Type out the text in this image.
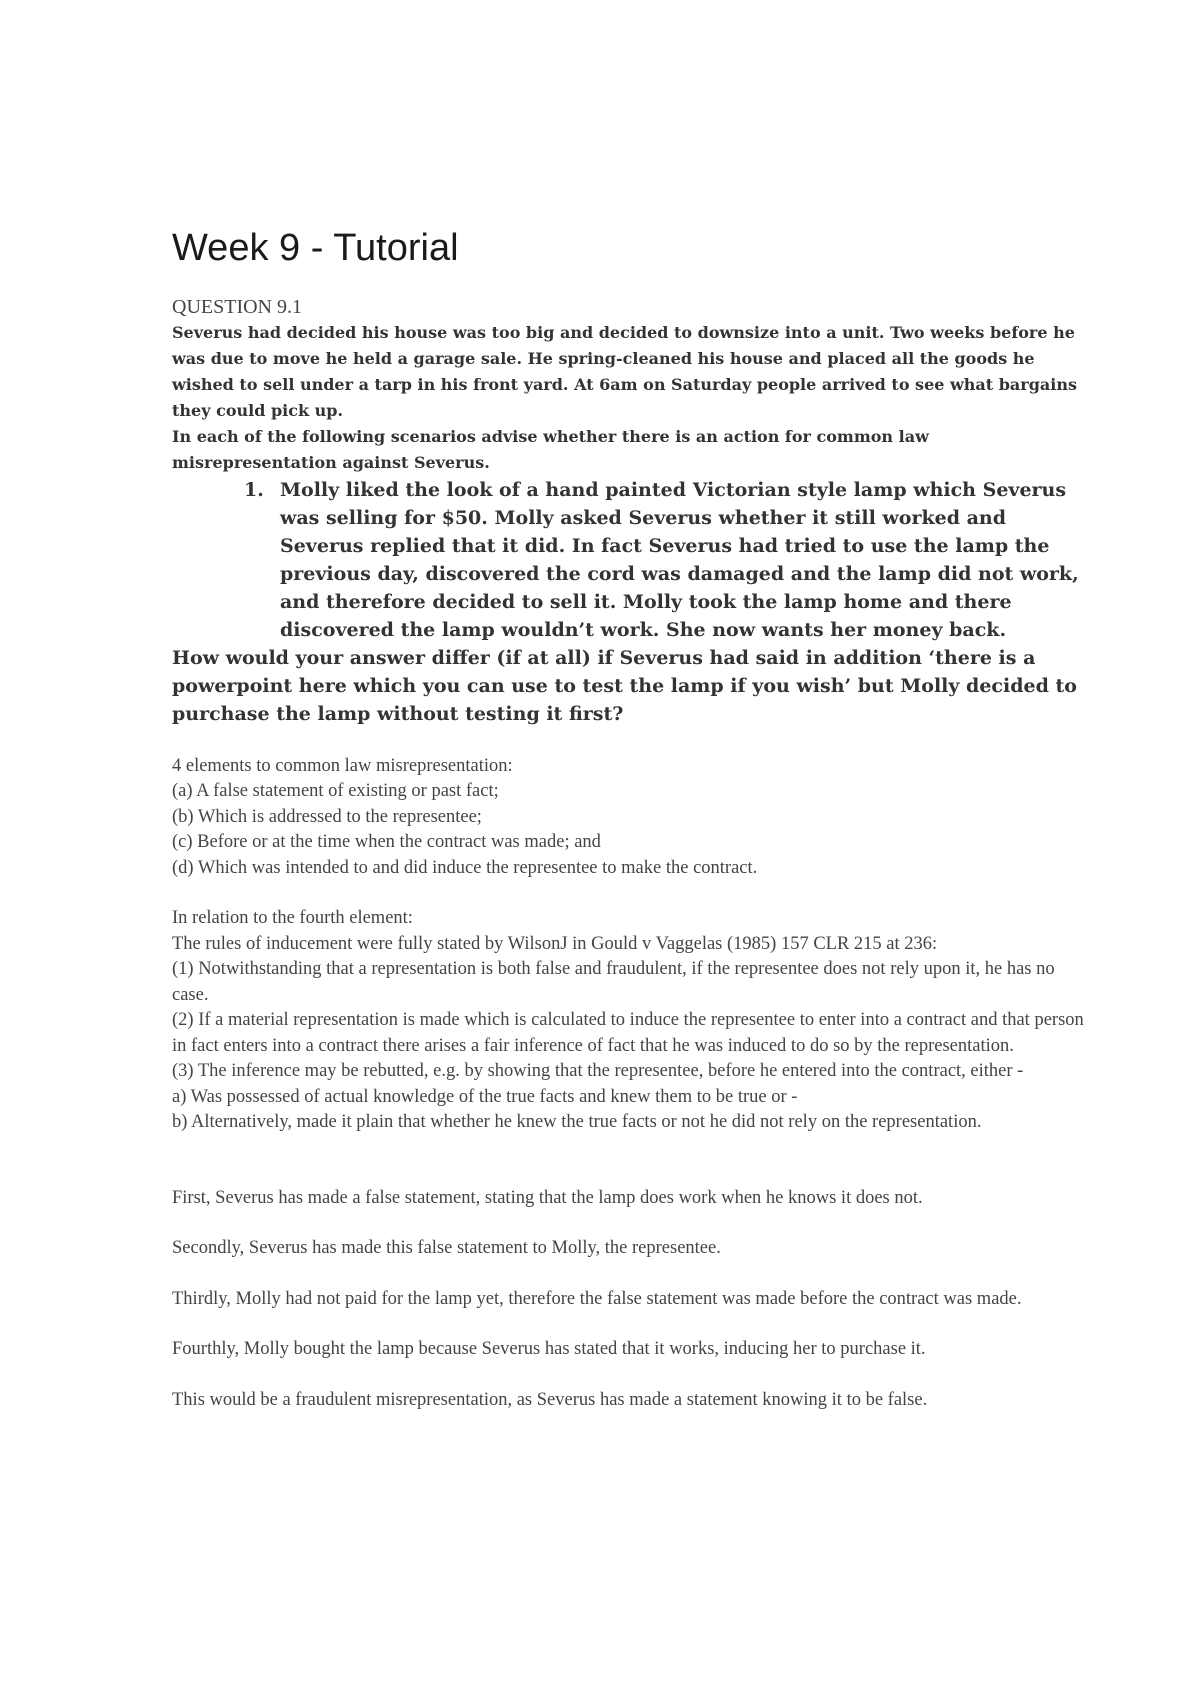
Week 9 - Tutorial

QUESTION 9.1

Severus had decided his house was too big and decided to downsize into a unit. Two weeks before he was due to move he held a garage sale. He spring-cleaned his house and placed all the goods he wished to sell under a tarp in his front yard. At 6am on Saturday people arrived to see what bargains they could pick up.

In each of the following scenarios advise whether there is an action for common law misrepresentation against Severus.

1. Molly liked the look of a hand painted Victorian style lamp which Severus was selling for $50. Molly asked Severus whether it still worked and Severus replied that it did. In fact Severus had tried to use the lamp the previous day, discovered the cord was damaged and the lamp did not work, and therefore decided to sell it. Molly took the lamp home and there discovered the lamp wouldn’t work. She now wants her money back.

How would your answer differ (if at all) if Severus had said in addition ‘there is a powerpoint here which you can use to test the lamp if you wish’ but Molly decided to purchase the lamp without testing it first?

4 elements to common law misrepresentation:

(a) A false statement of existing or past fact;

(b) Which is addressed to the representee;

(c) Before or at the time when the contract was made; and

(d) Which was intended to and did induce the representee to make the contract.

In relation to the fourth element:

The rules of inducement were fully stated by WilsonJ in Gould v Vaggelas (1985) 157 CLR 215 at 236:

(1) Notwithstanding that a representation is both false and fraudulent, if the representee does not rely upon it, he has no case.

(2) If a material representation is made which is calculated to induce the representee to enter into a contract and that person in fact enters into a contract there arises a fair inference of fact that he was induced to do so by the representation.

(3) The inference may be rebutted, e.g. by showing that the representee, before he entered into the contract, either -

a) Was possessed of actual knowledge of the true facts and knew them to be true or -

b) Alternatively, made it plain that whether he knew the true facts or not he did not rely on the representation.

First, Severus has made a false statement, stating that the lamp does work when he knows it does not.

Secondly, Severus has made this false statement to Molly, the representee.

Thirdly, Molly had not paid for the lamp yet, therefore the false statement was made before the contract was made.

Fourthly, Molly bought the lamp because Severus has stated that it works, inducing her to purchase it.

This would be a fraudulent misrepresentation, as Severus has made a statement knowing it to be false.
